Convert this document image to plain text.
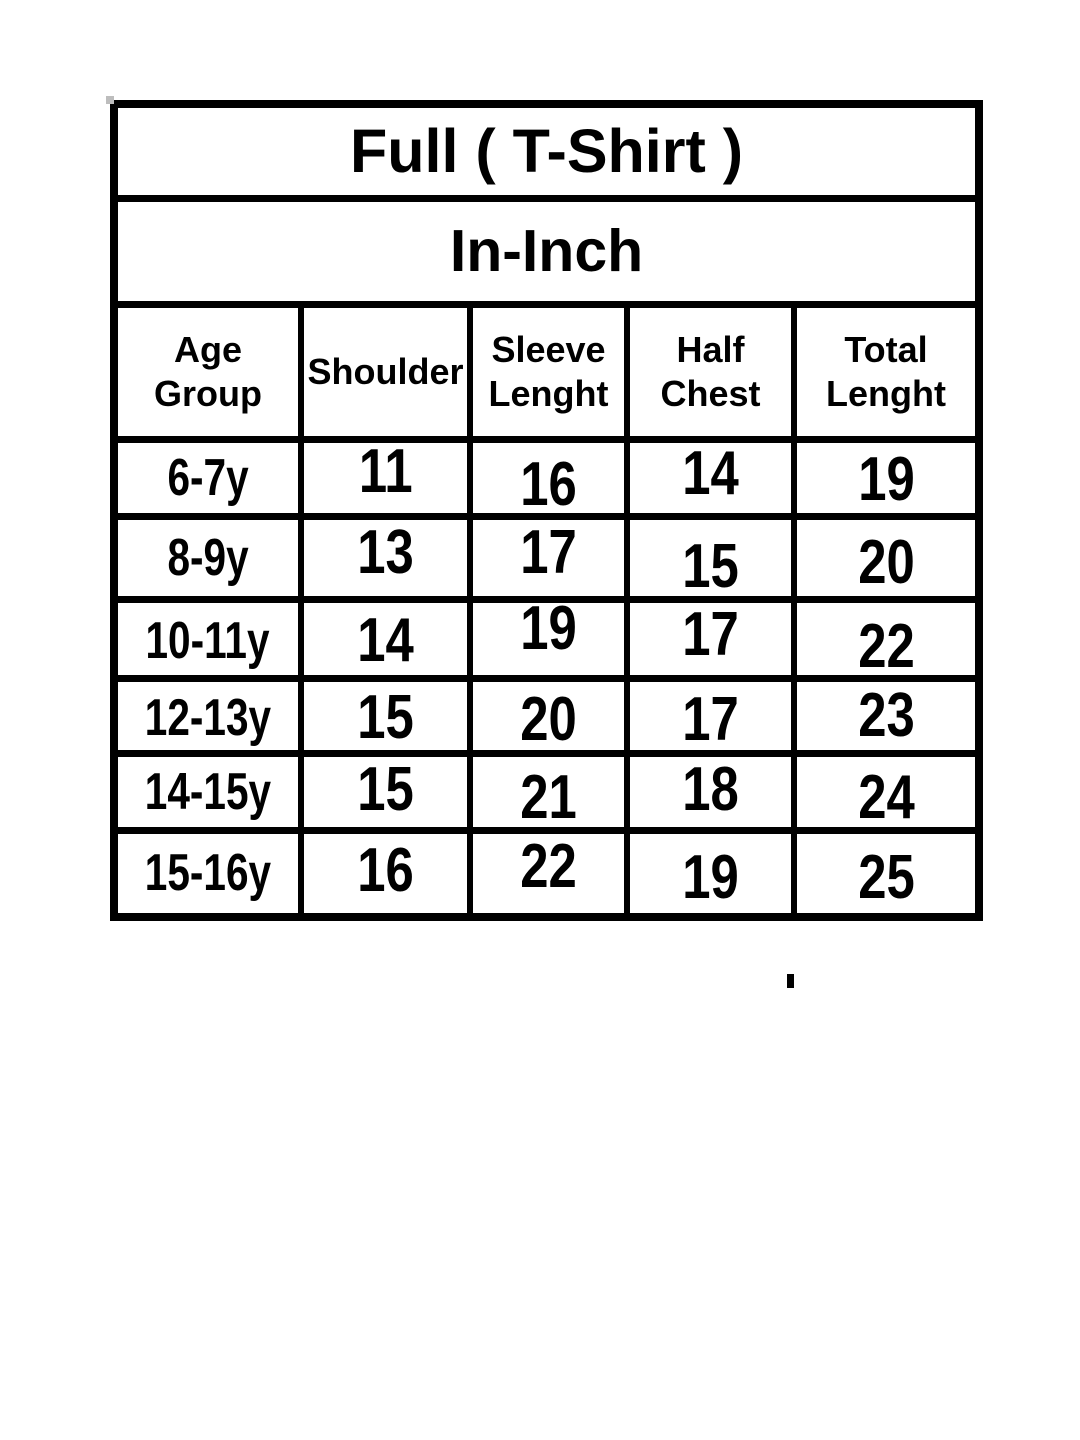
Full ( T-Shirt )				
In-Inch				
Age Group	Shoulder	Sleeve Lenght	Half Chest	Total Lenght
6-7y	11	16	14	19
8-9y	13	17	15	20
10-11y	14	19	17	22
12-13y	15	20	17	23
14-15y	15	21	18	24
15-16y	16	22	19	25
